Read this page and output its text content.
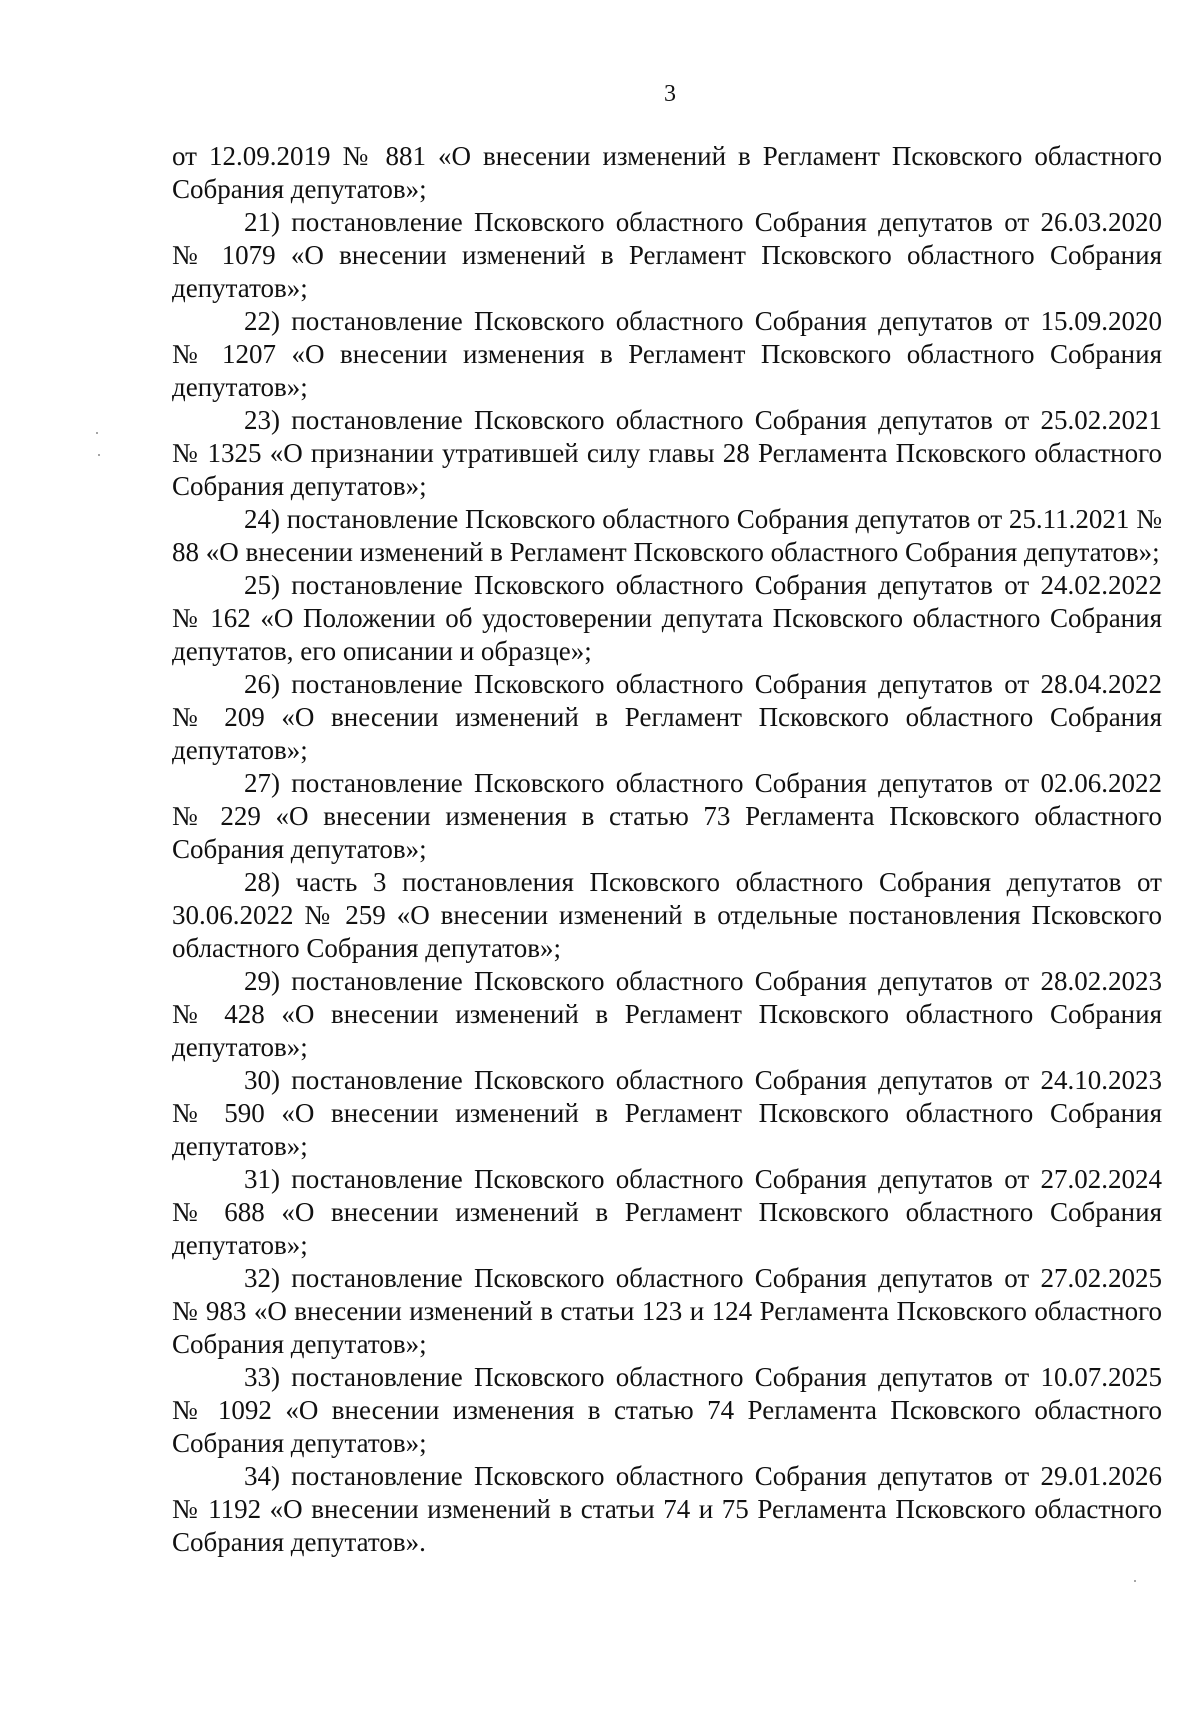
3

от 12.09.2019 № 881 «О внесении изменений в Регламент Псковского областного Собрания депутатов»;

21) постановление Псковского областного Собрания депутатов от 26.03.2020 № 1079 «О внесении изменений в Регламент Псковского областного Собрания депутатов»;

22) постановление Псковского областного Собрания депутатов от 15.09.2020 № 1207 «О внесении изменения в Регламент Псковского областного Собрания депутатов»;

23) постановление Псковского областного Собрания депутатов от 25.02.2021 № 1325 «О признании утратившей силу главы 28 Регламента Псковского областного Собрания депутатов»;

24) постановление Псковского областного Собрания депутатов от 25.11.2021 № 88 «О внесении изменений в Регламент Псковского областного Собрания депутатов»;

25) постановление Псковского областного Собрания депутатов от 24.02.2022 № 162 «О Положении об удостоверении депутата Псковского областного Собрания депутатов, его описании и образце»;

26) постановление Псковского областного Собрания депутатов от 28.04.2022 № 209 «О внесении изменений в Регламент Псковского областного Собрания депутатов»;

27) постановление Псковского областного Собрания депутатов от 02.06.2022 № 229 «О внесении изменения в статью 73 Регламента Псковского областного Собрания депутатов»;

28) часть 3 постановления Псковского областного Собрания депутатов от 30.06.2022 № 259 «О внесении изменений в отдельные постановления Псковского областного Собрания депутатов»;

29) постановление Псковского областного Собрания депутатов от 28.02.2023 № 428 «О внесении изменений в Регламент Псковского областного Собрания депутатов»;

30) постановление Псковского областного Собрания депутатов от 24.10.2023 № 590 «О внесении изменений в Регламент Псковского областного Собрания депутатов»;

31) постановление Псковского областного Собрания депутатов от 27.02.2024 № 688 «О внесении изменений в Регламент Псковского областного Собрания депутатов»;

32) постановление Псковского областного Собрания депутатов от 27.02.2025 № 983 «О внесении изменений в статьи 123 и 124 Регламента Псковского областного Собрания депутатов»;

33) постановление Псковского областного Собрания депутатов от 10.07.2025 № 1092 «О внесении изменения в статью 74 Регламента Псковского областного Собрания депутатов»;

34) постановление Псковского областного Собрания депутатов от 29.01.2026 № 1192 «О внесении изменений в статьи 74 и 75 Регламента Псковского областного Собрания депутатов».
